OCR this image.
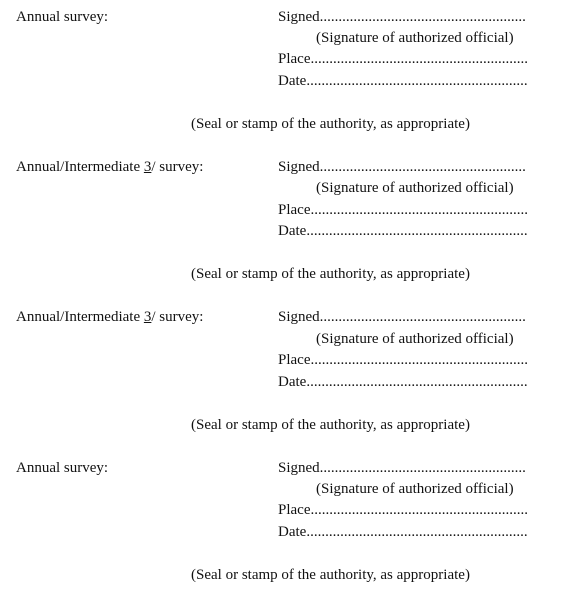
Annual survey:	Signed.......................................................
(Signature of authorized official)
Place..........................................................
Date...........................................................
(Seal or stamp of the authority, as appropriate)
Annual/Intermediate 3/ survey:	Signed.......................................................
(Signature of authorized official)
Place..........................................................
Date...........................................................
(Seal or stamp of the authority, as appropriate)
Annual/Intermediate 3/ survey:	Signed.......................................................
(Signature of authorized official)
Place..........................................................
Date...........................................................
(Seal or stamp of the authority, as appropriate)
Annual survey:	Signed.......................................................
(Signature of authorized official)
Place..........................................................
Date...........................................................
(Seal or stamp of the authority, as appropriate)
